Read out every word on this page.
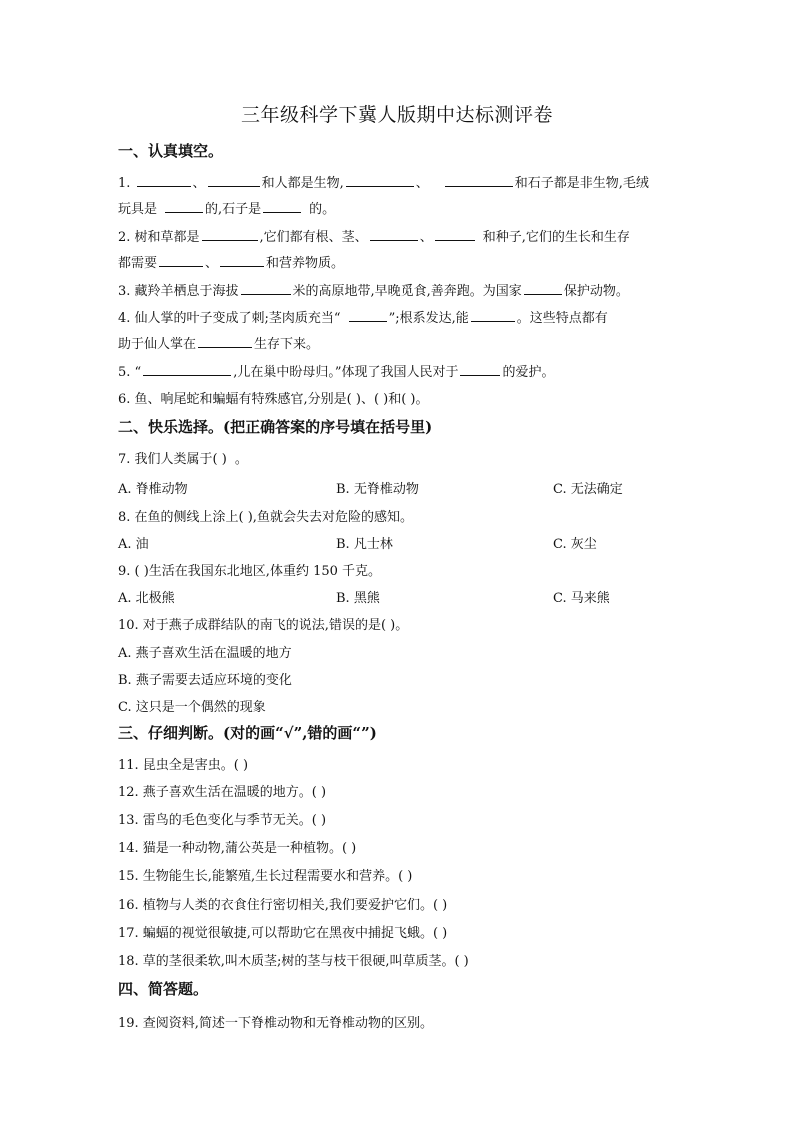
三年级科学下冀人版期中达标测评卷
一、认真填空。
1.	、	和人都是生物,	、	和石子都是非生物,毛绒
玩具是	的,石子是	的。
2. 树和草都是	,它们都有根、茎、	、	和种子,它们的生长和生存
都需要	、	和营养物质。
3. 藏羚羊栖息于海拔	米的高原地带,早晚觅食,善奔跑。为国家	保护动物。
4. 仙人掌的叶子变成了刺;茎肉质充当“	”;根系发达,能	。这些特点都有
助于仙人掌在	生存下来。
5. “	,儿在巢中盼母归。”体现了我国人民对于	的爱护。
6. 鱼、响尾蛇和蝙蝠有特殊感官,分别是( )、( )和( )。
二、快乐选择。(把正确答案的序号填在括号里)
7. 我们人类属于( ) 。
A. 脊椎动物	B. 无脊椎动物	C. 无法确定
8. 在鱼的侧线上涂上( ),鱼就会失去对危险的感知。
A. 油	B. 凡士林	C. 灰尘
9. ( )生活在我国东北地区,体重约 150 千克。
A. 北极熊	B. 黑熊	C. 马来熊
10. 对于燕子成群结队的南飞的说法,错误的是( )。
A. 燕子喜欢生活在温暖的地方
B. 燕子需要去适应环境的变化
C. 这只是一个偶然的现象
三、仔细判断。(对的画“√”,错的画“”)
11. 昆虫全是害虫。( )
12. 燕子喜欢生活在温暖的地方。( )
13. 雷鸟的毛色变化与季节无关。( )
14. 猫是一种动物,蒲公英是一种植物。( )
15. 生物能生长,能繁殖,生长过程需要水和营养。( )
16. 植物与人类的衣食住行密切相关,我们要爱护它们。( )
17. 蝙蝠的视觉很敏捷,可以帮助它在黑夜中捕捉飞蛾。( )
18. 草的茎很柔软,叫木质茎;树的茎与枝干很硬,叫草质茎。( )
四、简答题。
19. 查阅资料,简述一下脊椎动物和无脊椎动物的区别。
